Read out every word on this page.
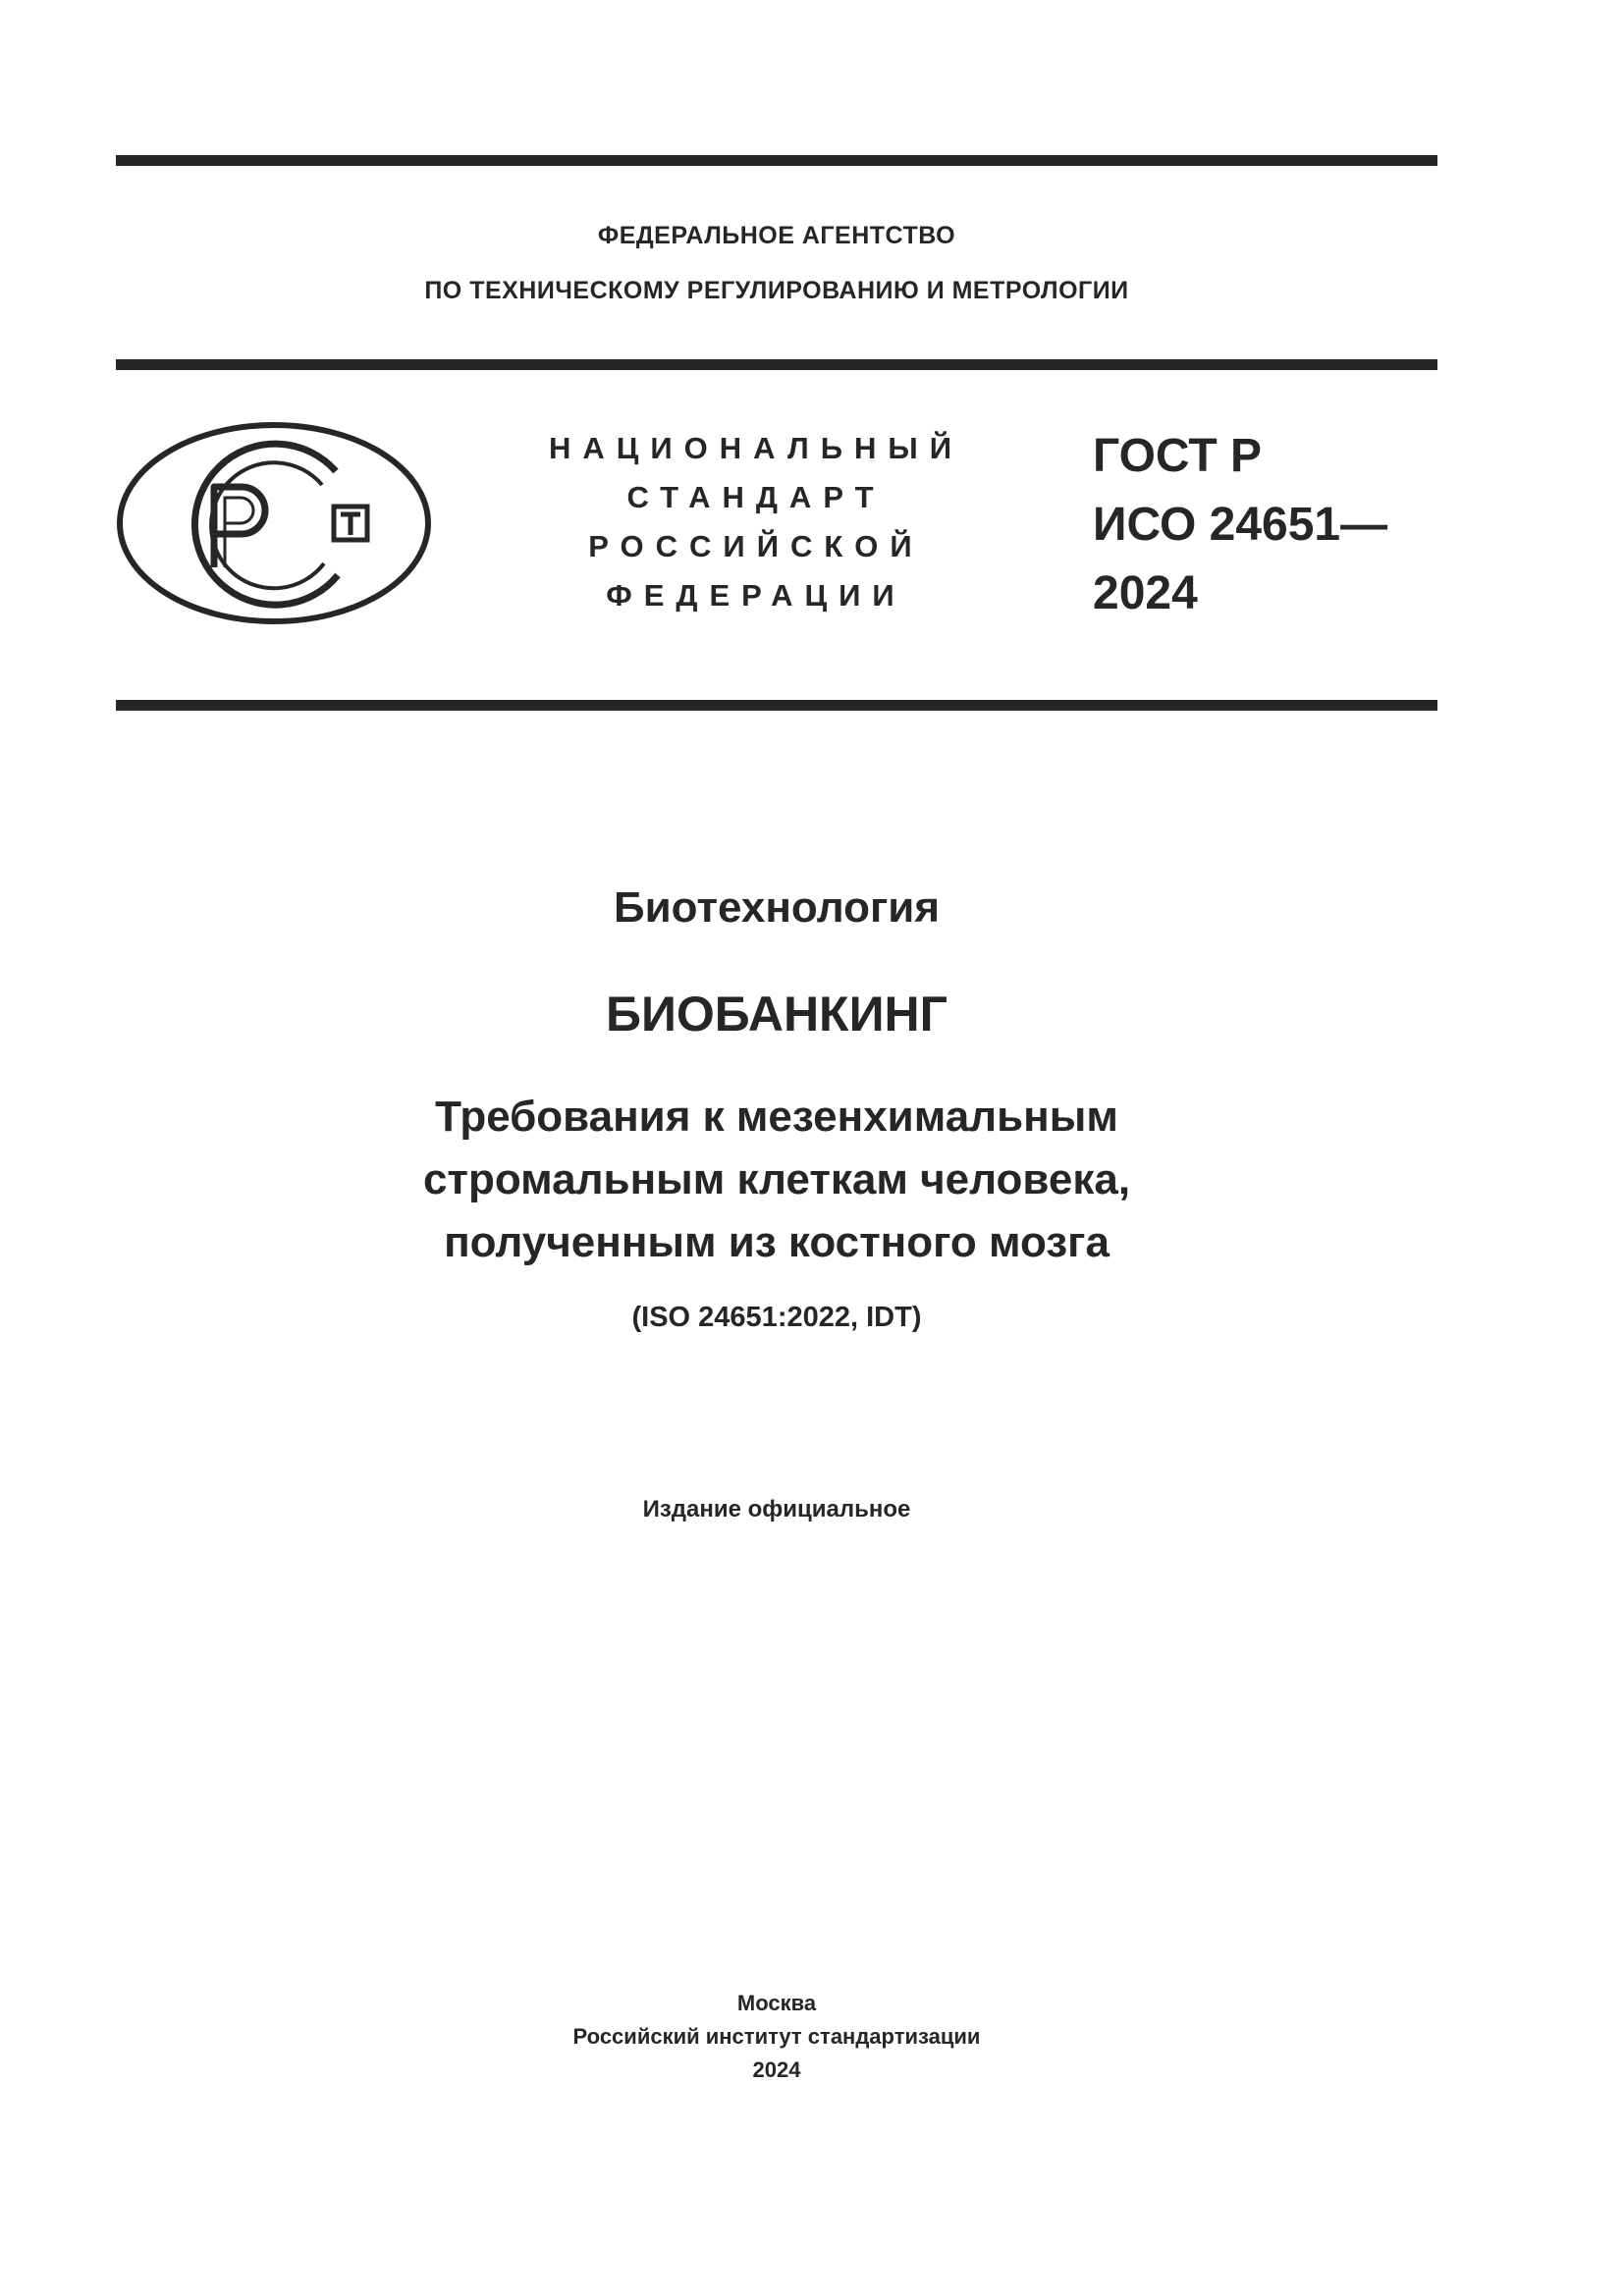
ФЕДЕРАЛЬНОЕ АГЕНТСТВО
ПО ТЕХНИЧЕСКОМУ РЕГУЛИРОВАНИЮ И МЕТРОЛОГИИ
НАЦИОНАЛЬНЫЙ
СТАНДАРТ
РОССИЙСКОЙ
ФЕДЕРАЦИИ
ГОСТ Р
ИСО 24651—
2024
Биотехнология
БИОБАНКИНГ
Требования к мезенхимальным
стромальным клеткам человека,
полученным из костного мозга
(ISO 24651:2022, IDT)
Издание официальное
Москва
Российский институт стандартизации
2024
